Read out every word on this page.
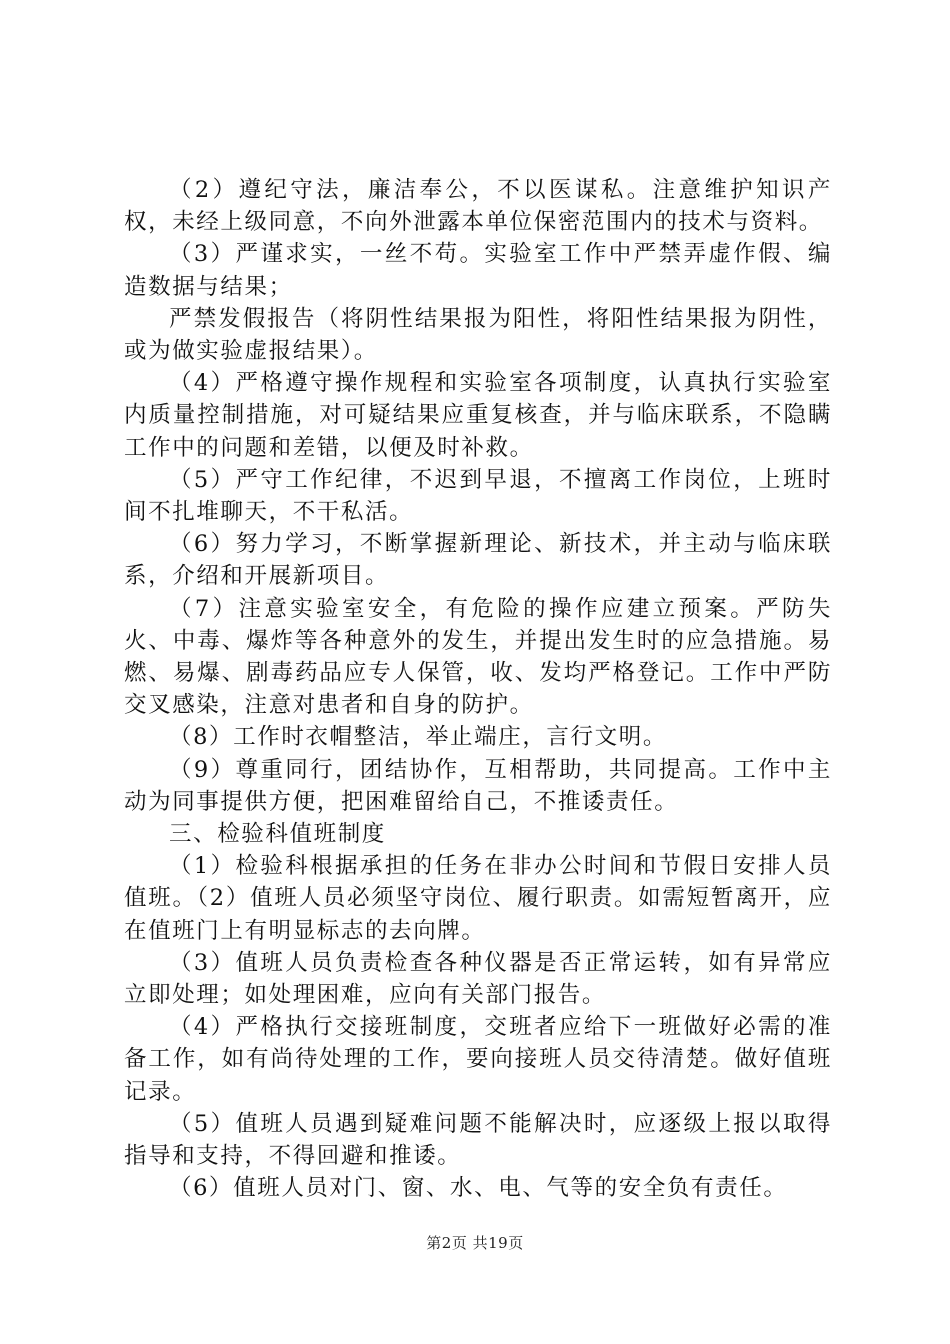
（2）遵纪守法，廉洁奉公，不以医谋私。注意维护知识产权，未经上级同意，不向外泄露本单位保密范围内的技术与资料。

（3）严谨求实，一丝不苟。实验室工作中严禁弄虚作假、编造数据与结果；

严禁发假报告（将阴性结果报为阳性，将阳性结果报为阴性，或为做实验虚报结果）。

（4）严格遵守操作规程和实验室各项制度，认真执行实验室内质量控制措施，对可疑结果应重复核查，并与临床联系，不隐瞒工作中的问题和差错，以便及时补救。

（5）严守工作纪律，不迟到早退，不擅离工作岗位，上班时间不扎堆聊天，不干私活。

（6）努力学习，不断掌握新理论、新技术，并主动与临床联系，介绍和开展新项目。

（7）注意实验室安全，有危险的操作应建立预案。严防失火、中毒、爆炸等各种意外的发生，并提出发生时的应急措施。易燃、易爆、剧毒药品应专人保管，收、发均严格登记。工作中严防交叉感染，注意对患者和自身的防护。

（8）工作时衣帽整洁，举止端庄，言行文明。

（9）尊重同行，团结协作，互相帮助，共同提高。工作中主动为同事提供方便，把困难留给自己，不推诿责任。

三、检验科值班制度

（1）检验科根据承担的任务在非办公时间和节假日安排人员值班。（2）值班人员必须坚守岗位、履行职责。如需短暂离开，应在值班门上有明显标志的去向牌。

（3）值班人员负责检查各种仪器是否正常运转，如有异常应立即处理；如处理困难，应向有关部门报告。

（4）严格执行交接班制度，交班者应给下一班做好必需的准备工作，如有尚待处理的工作，要向接班人员交待清楚。做好值班记录。

（5）值班人员遇到疑难问题不能解决时，应逐级上报以取得指导和支持，不得回避和推诿。

（6）值班人员对门、窗、水、电、气等的安全负有责任。

第2页 共19页
